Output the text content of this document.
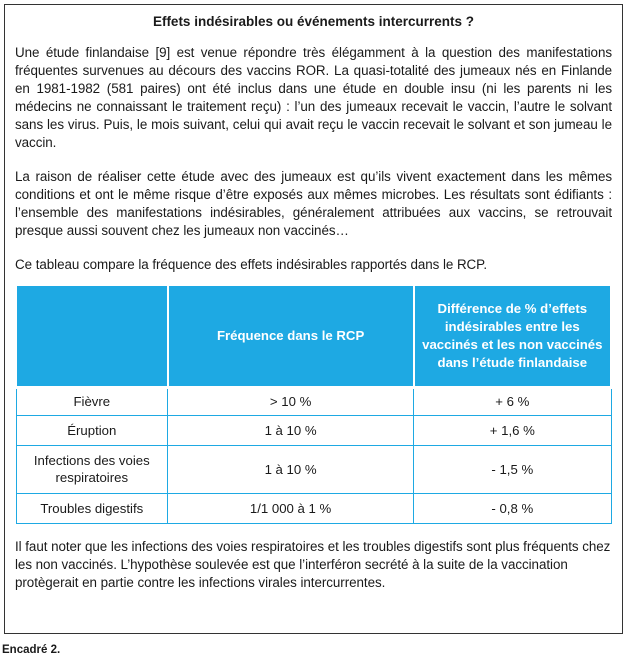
Effets indésirables ou événements intercurrents ?

Une étude finlandaise [9] est venue répondre très élégamment à la question des manifestations fréquentes survenues au décours des vaccins ROR. La quasi-totalité des jumeaux nés en Finlande en 1981-1982 (581 paires) ont été inclus dans une étude en double insu (ni les parents ni les médecins ne connaissant le traitement reçu) : l’un des jumeaux recevait le vaccin, l’autre le solvant sans les virus. Puis, le mois suivant, celui qui avait reçu le vaccin recevait le solvant et son jumeau le vaccin.

La raison de réaliser cette étude avec des jumeaux est qu’ils vivent exactement dans les mêmes conditions et ont le même risque d’être exposés aux mêmes microbes. Les résultats sont édifiants : l’ensemble des manifestations indésirables, généralement attribuées aux vaccins, se retrouvait presque aussi souvent chez les jumeaux non vaccinés…

Ce tableau compare la fréquence des effets indésirables rapportés dans le RCP.

	Fréquence dans le RCP	Différence de % d’effets indésirables entre les vaccinés et les non vaccinés dans l’étude finlandaise
Fièvre	> 10 %	+ 6 %
Éruption	1 à 10 %	+ 1,6 %
Infections des voies respiratoires	1 à 10 %	- 1,5 %
Troubles digestifs	1/1 000 à 1 %	- 0,8 %

Il faut noter que les infections des voies respiratoires et les troubles digestifs sont plus fréquents chez les non vaccinés. L’hypothèse soulevée est que l’interféron secrété à la suite de la vaccination protègerait en partie contre les infections virales intercurrentes.

Encadré 2.
